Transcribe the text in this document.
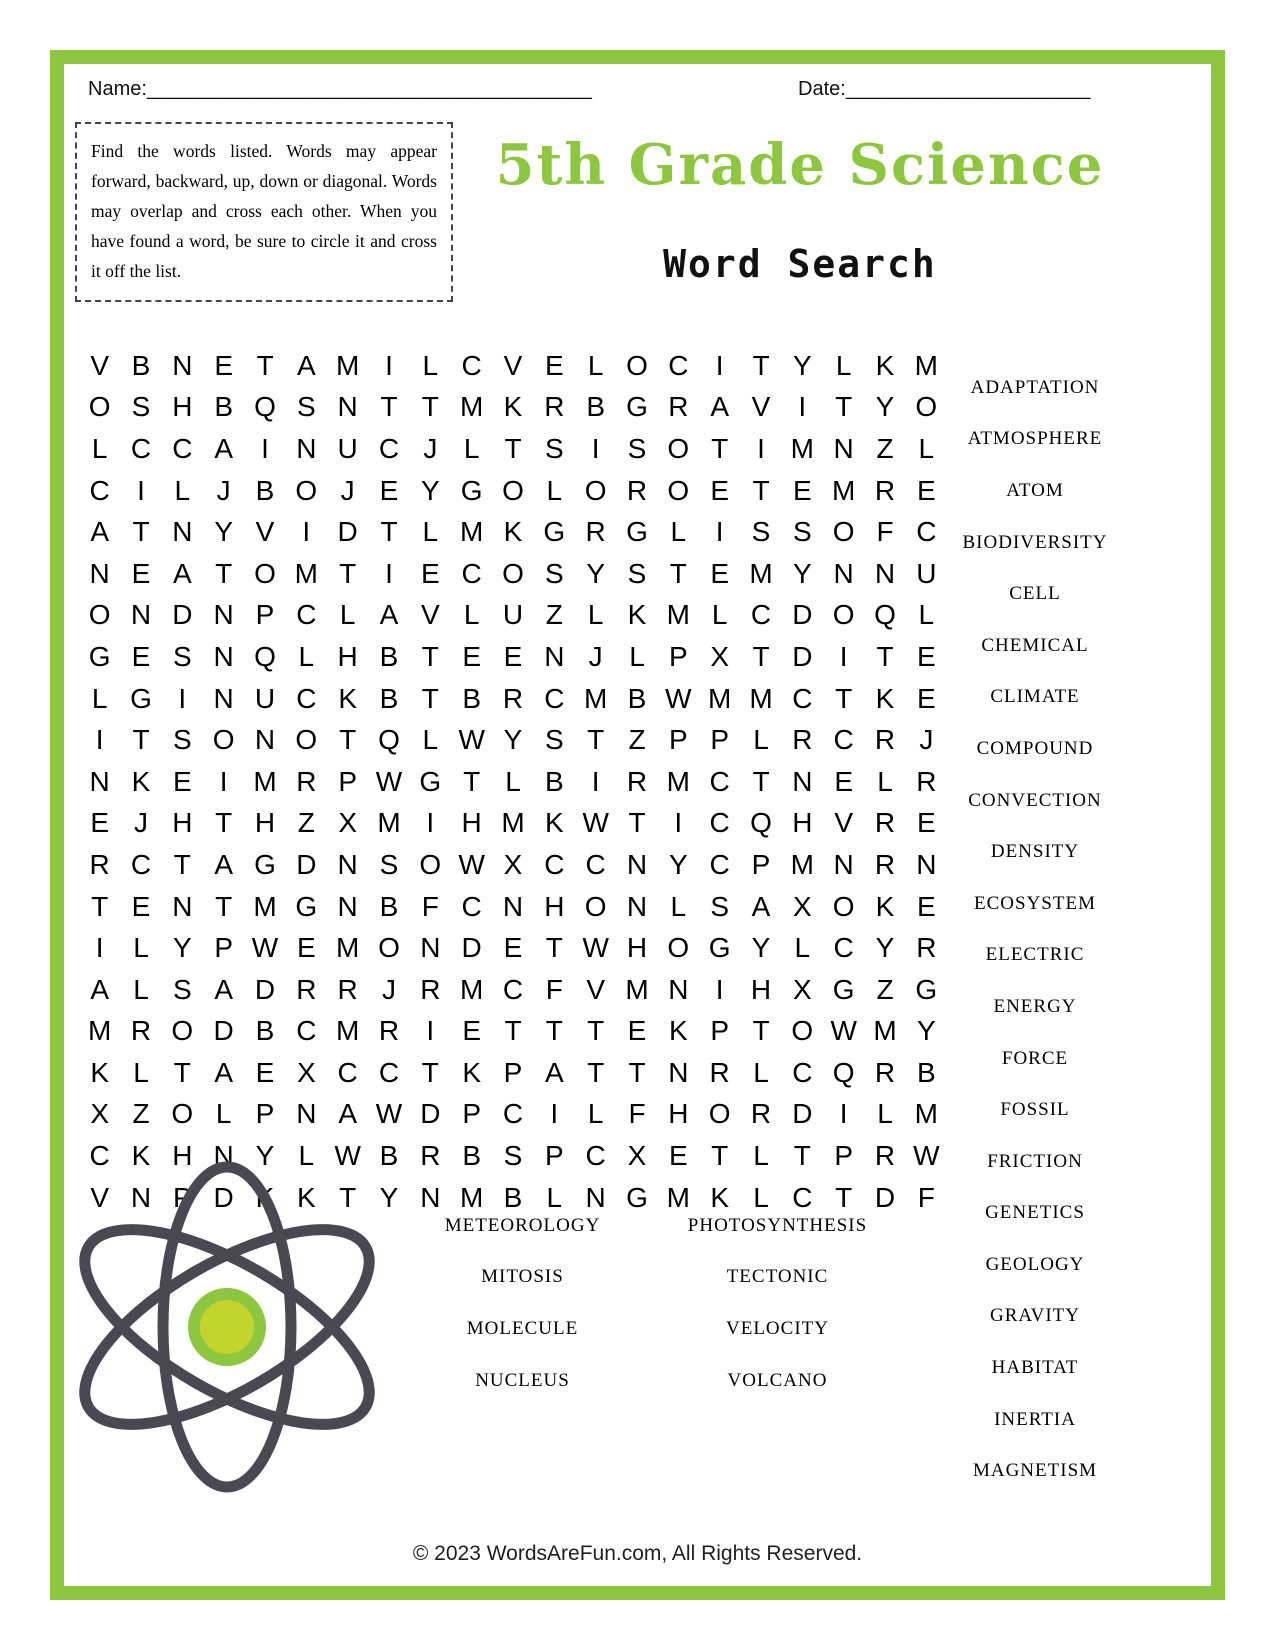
Name:________________________________________	Date:______________________
Find the words listed. Words may appear forward, backward, up, down or diagonal. Words may overlap and cross each other. When you have found a word, be sure to circle it and cross it off the list.
5th Grade Science
Word Search
V B N E T A M I	L C V E L O C I	T Y L K M
O S H B Q S N T T M K R B G R A V	I	T Y O
L C C A	I N U C J L T S	I	S O T	I M N Z L
C I	L J B O J E Y G O L O R O E T E M R E
A T N Y V	I D T L M K G R G L	I	S S O F C
N E A T O M T	I	E C O S Y S T E M Y N N U
O N D N P C L A V L U Z L K M L C D O Q L
G E S N Q L H B T E E N J L P X T D I	T E
L G I N U C K B T B R C M B W M M C T K E
I	T S O N O T Q L W Y S T Z P P L R C R J
N K E	I M R P W G T L B	I R M C T N E L R
E J H T H Z X M I H M K W T	I C Q H V R E
R C T A G D N S O W X C C N Y C P M N R N
T E N T M G N B F C N H O N L S A X O K E
I	L Y P W E M O N D E T W H O G Y L C Y R
A L S A D R R J R M C F V M N I H X G Z G
M R O D B C M R I	E T T T E K P T O W M Y
K L T A E X C C T K P A T T N R L C Q R B
X Z O L P N A W D P C I	L F H O R D I	L M
C K H N Y L W B R B S P C X E T L T P R W
V N P D K K T Y N M B L N G M K L C T D F
ADAPTATION
ATMOSPHERE
ATOM
BIODIVERSITY
CELL
CHEMICAL
CLIMATE
COMPOUND
CONVECTION
DENSITY
ECOSYSTEM
ELECTRIC
ENERGY
FORCE
FOSSIL
FRICTION
GENETICS
GEOLOGY
GRAVITY
HABITAT
INERTIA
MAGNETISM
METEOROLOGY
MITOSIS
MOLECULE
NUCLEUS
PHOTOSYNTHESIS
TECTONIC
VELOCITY
VOLCANO
© 2023 WordsAreFun.com, All Rights Reserved.
